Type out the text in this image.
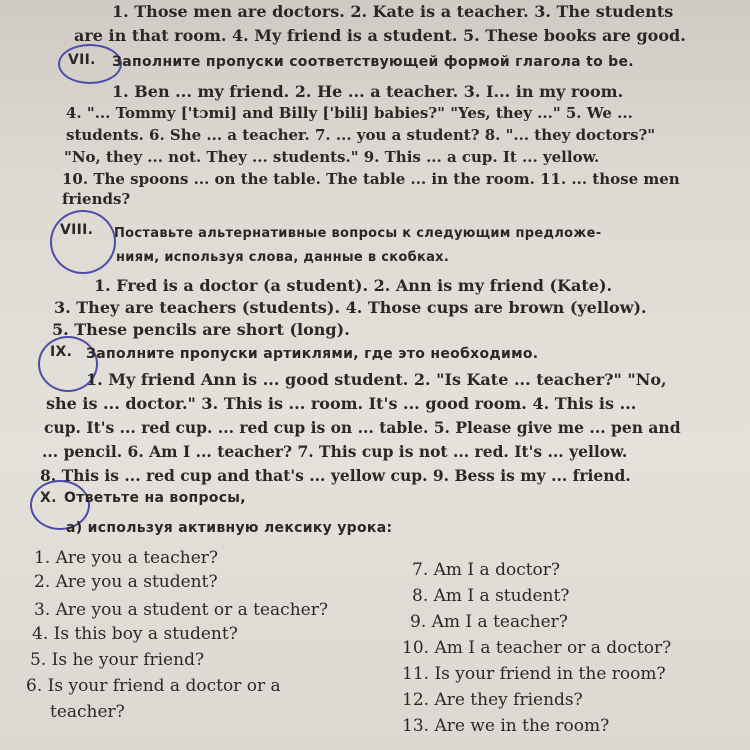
1. Those men are doctors. 2. Kate is a teacher. 3. The students
are in that room. 4. My friend is a student. 5. These books are good.
VII. Заполните пропуски соответствующей формой глагола to be.
1. Ben ... my friend. 2. He ... a teacher. 3. I... in my room.
4. "... Tommy ['tɔmi] and Billy ['bili] babies?" "Yes, they ..." 5. We ...
students. 6. She ... a teacher. 7. ... you a student? 8. "... they doctors?"
"No, they ... not. They ... students." 9. This ... a cup. It ... yellow.
10. The spoons ... on the table. The table ... in the room. 11. ... those men
friends?
VIII. Поставьте альтернативные вопросы к следующим предложе-
ниям, используя слова, данные в скобках.
1. Fred is a doctor (a student). 2. Ann is my friend (Kate).
3. They are teachers (students). 4. Those cups are brown (yellow).
5. These pencils are short (long).
IX. Заполните пропуски артиклями, где это необходимо.
1. My friend Ann is ... good student. 2. "Is Kate ... teacher?" "No,
she is ... doctor." 3. This is ... room. It's ... good room. 4. This is ...
cup. It's ... red cup. ... red cup is on ... table. 5. Please give me ... pen and
... pencil. 6. Am I ... teacher? 7. This cup is not ... red. It's ... yellow.
8. This is ... red cup and that's ... yellow cup. 9. Bess is my ... friend.
X. Ответьте на вопросы,
а) используя активную лексику урока:
1. Are you a teacher?
2. Are you a student?
3. Are you a student or a teacher?
4. Is this boy a student?
5. Is he your friend?
6. Is your friend a doctor or a
teacher?
7. Am I a doctor?
8. Am I a student?
9. Am I a teacher?
10. Am I a teacher or a doctor?
11. Is your friend in the room?
12. Are they friends?
13. Are we in the room?
